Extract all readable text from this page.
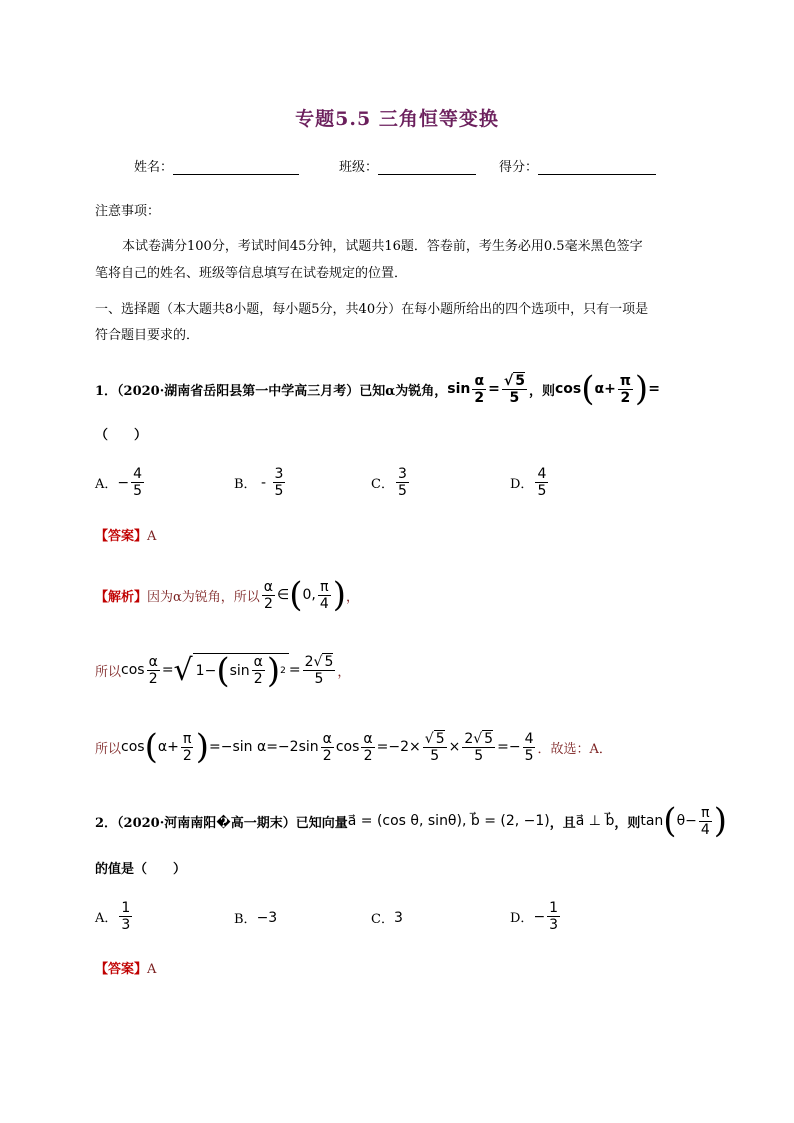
专题5.5 三角恒等变换
姓名：	班级：	得分：
注意事项：
本试卷满分100分，考试时间45分钟，试题共16题．答卷前，考生务必用0.5毫米黑色签字
笔将自己的姓名、班级等信息填写在试卷规定的位置．
一、选择题（本大题共8小题，每小题5分，共40分）在每小题所给出的四个选项中，只有一项是
符合题目要求的．
1．（2020·湖南省岳阳县第一中学高三月考）已知α为锐角， $\sin \frac{\alpha}{2} = \frac{√ 5}{5}$ ，则 cos ( $\alpha+ \frac{\pi}{2}$ ) =
（　　）
A． − $\frac{4}{5}$	B． - $\frac{3}{5}$	C． $\frac{3}{5}$	D． $\frac{4}{5}$
【答案】A
【解析】 因为α为锐角，所以 $\frac{\alpha}{2}$ ∈ ( 0, $\frac{\pi}{4}$ ) ，
所以 $\cos \frac{\alpha}{2}$ = √ 1− ( $\sin \frac{\alpha}{2}$ ) $2 = \frac{2√ 5}{5}$ ，
所以 cos ( $\alpha+ \frac{\pi}{2}$ ) =−sin $\alpha=-2\sin \frac{\alpha}{2}$ $\cos \frac{\alpha}{2} =-2\times \frac{√ 5}{5} \times \frac{2√ 5}{5} =- \frac{4}{5}$ ．故选：A．
2．（2020·河南南阳�高一期末）已知向量 a⃗ = (cos θ, sinθ), b⃗ = (2, −1) ，且 a⃗ ⊥ b⃗ ，则 tan ( $\theta- \frac{\pi}{4}$ )
的值是（　　）
A． $\frac{1}{3}$	B． −3	C． 3	D． − $\frac{1}{3}$
【答案】A
